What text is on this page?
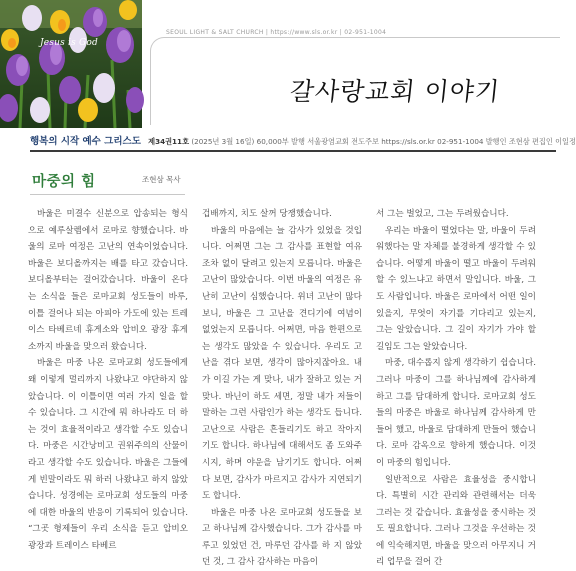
Jesus is God
SEOUL LIGHT & SALT CHURCH | https://www.sls.or.kr | 02-951-1004
갈사랑교회 이야기
행복의 시작 예수 그리스도 제34권11호 (2025년 3월 16일) 60,000부 발행 서울광염교회 전도주보 https://sls.or.kr 02-951-1004 발행인 조현삼 편집인 이일정
마중의 힘	조현삼 목사

바울은 미결수 신분으로 압송되는 형식으로 예루살렘에서 로마로 향했습니다. 바울의 로마 여정은 고난의 연속이었습니다. 바울은 보디올까지는 배를 타고 갔습니다. 보디올부터는 걸어갔습니다. 바울이 온다는 소식을 들은 로마교회 성도들이 바루, 이틀 걸어나 되는 아피아 가도에 있는 트레이스 타베르네 휴게소와 압비오 광장 휴게소까지 바울을 맞으러 왔습니다.

바울은 마중 나온 로마교회 성도들에게 왜 이렇게 멀리까지 나왔냐고 야단하지 않았습니다. 이 이틀이면 여러 가지 일을 할 수 있습니다. 그 시간에 뭐 하나라도 더 하는 것이 효율적이라고 생각할 수도 있습니다. 마중은 시간낭비고 권위주의의 산물이라고 생각할 수도 있습니다. 바울은 그들에게 빈말이라도 뭐 하러 나왔냐고 하지 않았습니다. 성경에는 로마교회 성도들의 마중에 대한 바울의 반응이 기록되어 있습니다. “그곳 형제들이 우리 소식을 듣고 압비오 광장과 트레이스 타베르

겁배까지, 치도 살꺼 당쟁했습니다.

바울의 마음에는 늘 감사가 있었을 것입니다. 어쩌면 그는 그 감사를 표현할 여유조차 없이 달려고 있는지 모릅니다. 바울은 고난이 많았습니다. 이번 바울의 여정은 유난히 고난이 심했습니다. 위녀 고난이 많다 보니, 바울은 그 고난을 견디기에 여념이 없었는지 모릅니다. 어쩌면, 마음 한편으로는 생각도 많았을 수 있습니다. 우리도 고난을 겪다 보면, 생각이 많아지잖아요. 내가 이길 가는 게 맞나, 내가 잘하고 있는 거 맞나. 바닌이 하도 세면, 정말 내가 저들이 말하는 그런 사람인가 하는 생각도 듭니다. 고난으로 사람은 흔들리기도 하고 작아지기도 합니다. 하나님에 대해서도 좀 도와주시지, 하며 야운을 남기기도 합니다. 어쩌다 보면, 감사가 마르지고 감사가 지연되기도 합니다.

바울은 마중 나온 로마교회 성도들을 보고 하나님께 감사했습니다. 그가 감사를 마루고 있었던 건, 마루던 감사를 하 지 않았던 것, 그 감사 감사하는 마음이

서 그는 벌었고, 그는 두려웠습니다.

우리는 바울이 떨었다는 말, 바울이 두려워했다는 말 자체를 불경하게 생각할 수 있습니다. 어떻게 바울이 떨고 바울이 두려워할 수 있느냐고 하면서 말입니다. 바울, 그도 사람입니다. 바울은 로마에서 어떤 일이 있을지, 무엇이 자기를 기다리고 있는지, 그는 알았습니다. 그 길이 자기가 가야 할 길임도 그는 알았습니다.

마중, 대수롭지 않게 생각하기 쉽습니다. 그러나 마중이 그를 하나님께에 감사하게 하고 그를 담대하게 합니다. 로마교회 성도들의 마중은 바울로 하나님께 감사하게 만들어 했고, 바울로 담대하게 만들어 했습니다. 로마 감옥으로 향하게 했습니다. 이것이 마중의 힘입니다.

일반적으로 사람은 효율성을 중시합니다. 특별히 시간 관리와 관련해서는 더욱 그러는 것 같습니다. 효율성을 중시하는 것도 필요합니다. 그러나 그것을 우선하는 것에 익숙해지면, 바울을 맞으러 아무지니 거리 업무을 걸어 간
